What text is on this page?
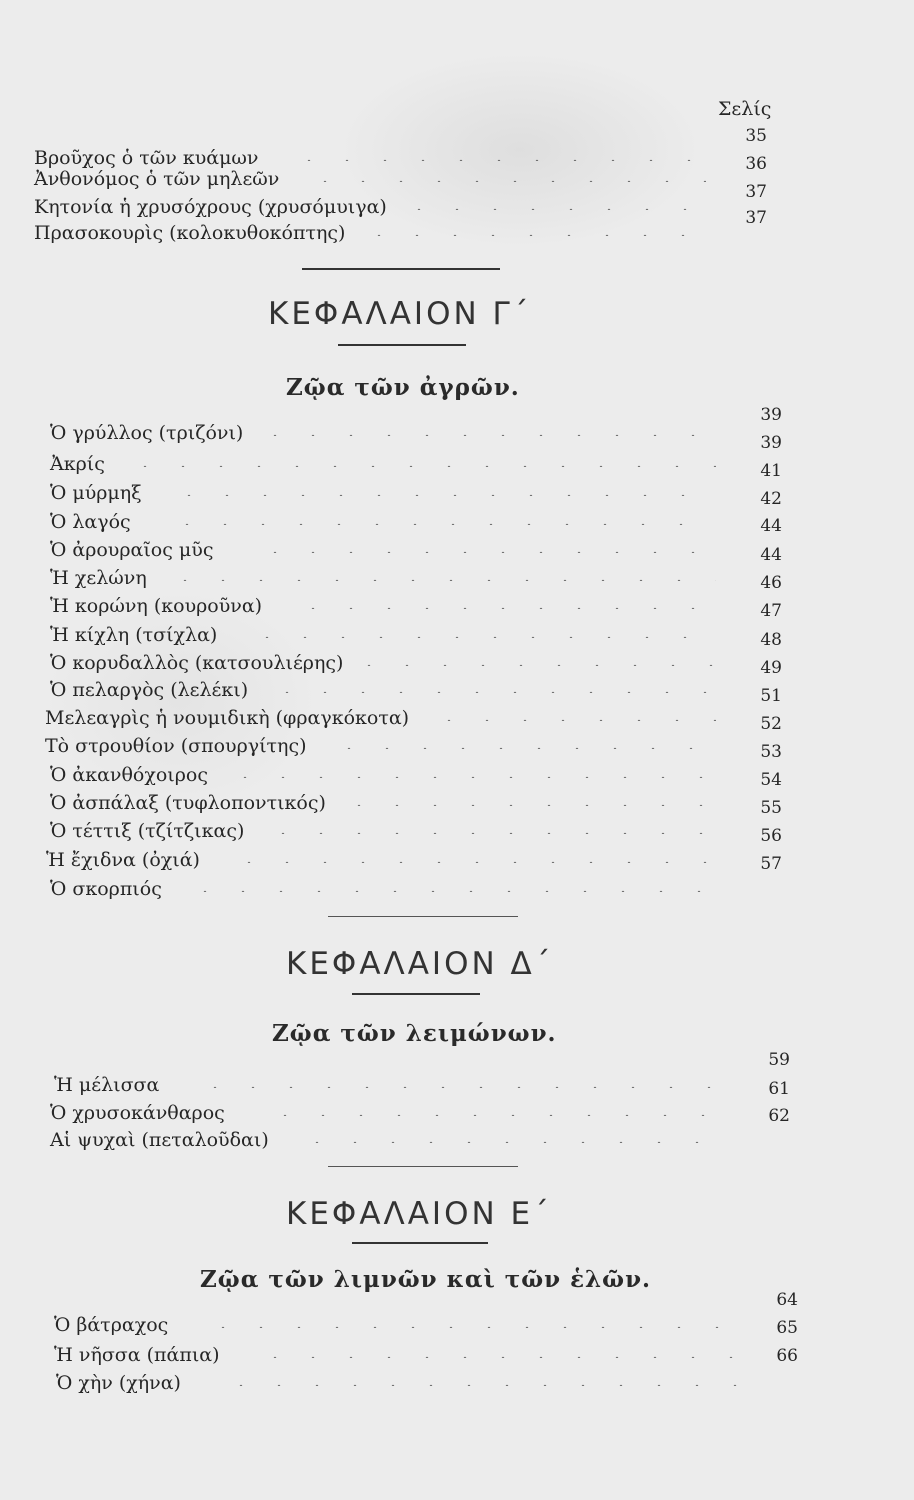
Σελίς
Βροῦχος ὁ τῶν κυάμων
Ἀνθονόμος ὁ τῶν μηλεῶν
Κητονία ἡ χρυσόχρους (χρυσόμυιγα)
Πρασοκουρὶς (κολοκυθοκόπτης)
35
36
37
37
ΚΕΦΑΛΑΙΟΝ Γ΄
Ζῷα τῶν ἀγρῶν.
Ὁ γρύλλος (τριζόνι)
Ἀκρίς
Ὁ μύρμηξ
Ὁ λαγός
Ὁ ἀρουραῖος μῦς
Ἡ χελώνη
Ἡ κορώνη (κουροῦνα)
Ἡ κίχλη (τσίχλα)
Ὁ κορυδαλλὸς (κατσουλιέρης)
Ὁ πελαργὸς (λελέκι)
Μελεαγρὶς ἡ νουμιδικὴ (φραγκόκοτα)
Τὸ στρουθίον (σπουργίτης)
Ὁ ἀκανθόχοιρος
Ὁ ἀσπάλαξ (τυφλοποντικός)
Ὁ τέττιξ (τζίτζικας)
Ἡ ἔχιδνα (ὀχιά)
Ὁ σκορπιός
39
39
41
42
44
44
46
47
48
49
51
52
53
54
55
56
57
ΚΕΦΑΛΑΙΟΝ Δ΄
Ζῷα τῶν λειμώνων.
Ἡ μέλισσα
Ὁ χρυσοκάνθαρος
Αἱ ψυχαὶ (πεταλοῦδαι)
59
61
62
ΚΕΦΑΛΑΙΟΝ Ε΄
Ζῷα τῶν λιμνῶν καὶ τῶν ἑλῶν.
Ὁ βάτραχος
Ἡ νῆσσα (πάπια)
Ὁ χὴν (χήνα)
64
65
66
